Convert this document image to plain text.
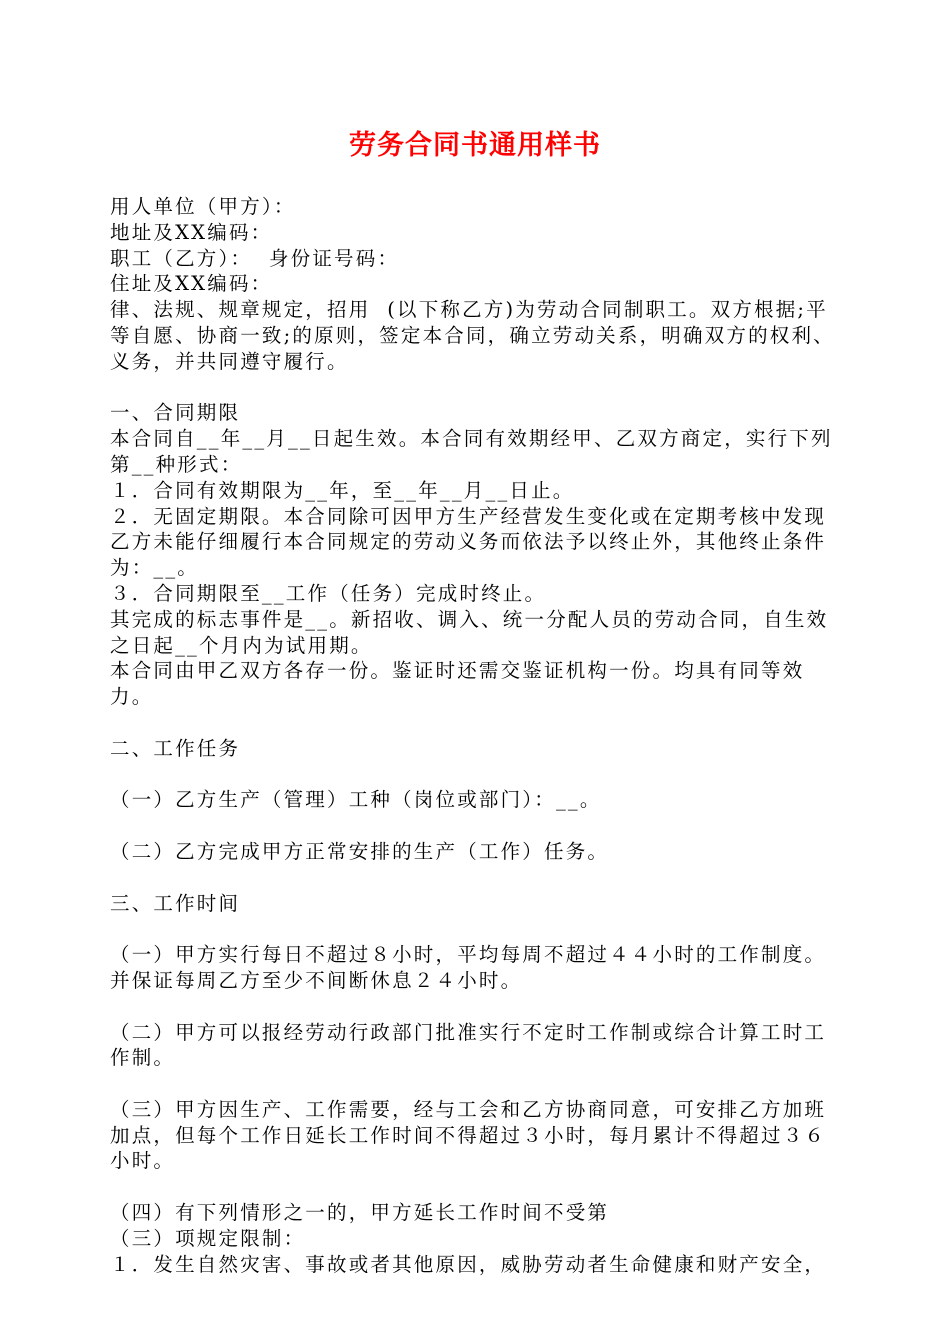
劳务合同书通用样书

用人单位（甲方）：

地址及XX编码：

职工（乙方）：  身份证号码：

住址及XX编码：

律、法规、规章规定，招用  (以下称乙方)为劳动合同制职工。双方根据;平等自愿、协商一致;的原则，签定本合同，确立劳动关系，明确双方的权利、义务，并共同遵守履行。

一、合同期限

本合同自__年__月__日起生效。本合同有效期经甲、乙双方商定，实行下列第__种形式：

１．合同有效期限为__年，至__年__月__日止。

２．无固定期限。本合同除可因甲方生产经营发生变化或在定期考核中发现乙方未能仔细履行本合同规定的劳动义务而依法予以终止外，其他终止条件为：__。

３．合同期限至__工作（任务）完成时终止。

其完成的标志事件是__。新招收、调入、统一分配人员的劳动合同，自生效之日起__个月内为试用期。

本合同由甲乙双方各存一份。鉴证时还需交鉴证机构一份。均具有同等效力。

二、工作任务

（一）乙方生产（管理）工种（岗位或部门）：__。

（二）乙方完成甲方正常安排的生产（工作）任务。

三、工作时间

（一）甲方实行每日不超过８小时，平均每周不超过４４小时的工作制度。并保证每周乙方至少不间断休息２４小时。

（二）甲方可以报经劳动行政部门批准实行不定时工作制或综合计算工时工作制。

（三）甲方因生产、工作需要，经与工会和乙方协商同意，可安排乙方加班加点，但每个工作日延长工作时间不得超过３小时，每月累计不得超过３６小时。

（四）有下列情形之一的，甲方延长工作时间不受第

（三）项规定限制：

１．发生自然灾害、事故或者其他原因，威胁劳动者生命健康和财产安全，
